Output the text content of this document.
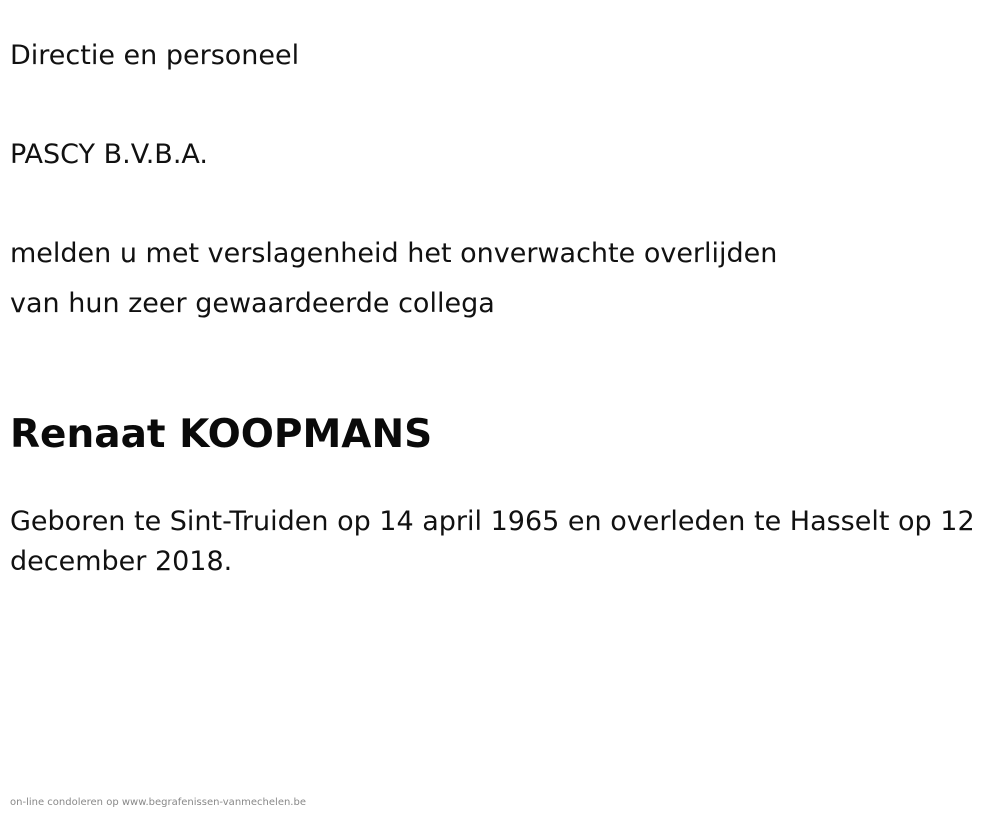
Directie en personeel

PASCY B.V.B.A.

melden u met verslagenheid het onverwachte overlijden

van hun zeer gewaardeerde collega

Renaat KOOPMANS

Geboren te Sint-Truiden op 14 april 1965 en overleden te Hasselt op 12 december 2018.

on-line condoleren op www.begrafenissen-vanmechelen.be
